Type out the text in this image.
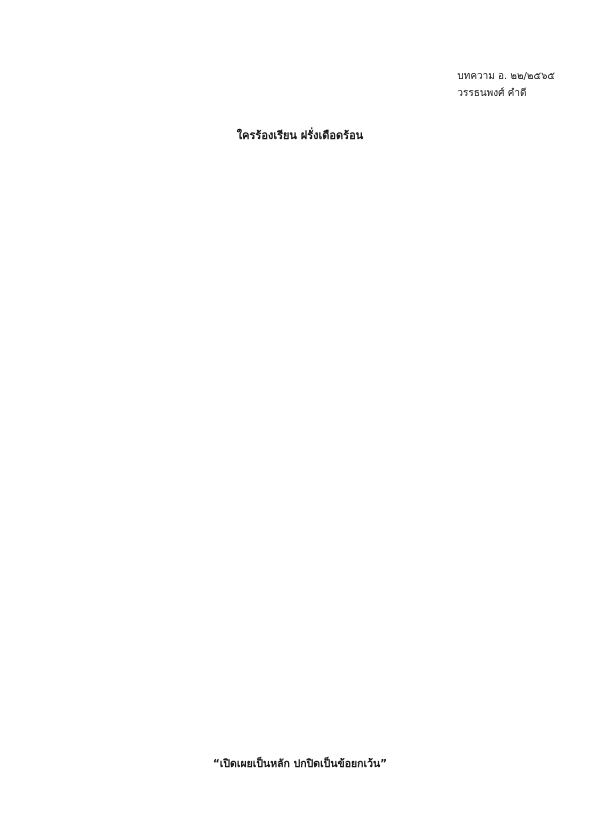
บทความ อ. ๒๒/๒๕๖๕
วรรธนพงศ์ คำดี
ใครร้องเรียน ฝรั่งเดือดร้อน
“เปิดเผยเป็นหลัก ปกปิดเป็นข้อยกเว้น”
